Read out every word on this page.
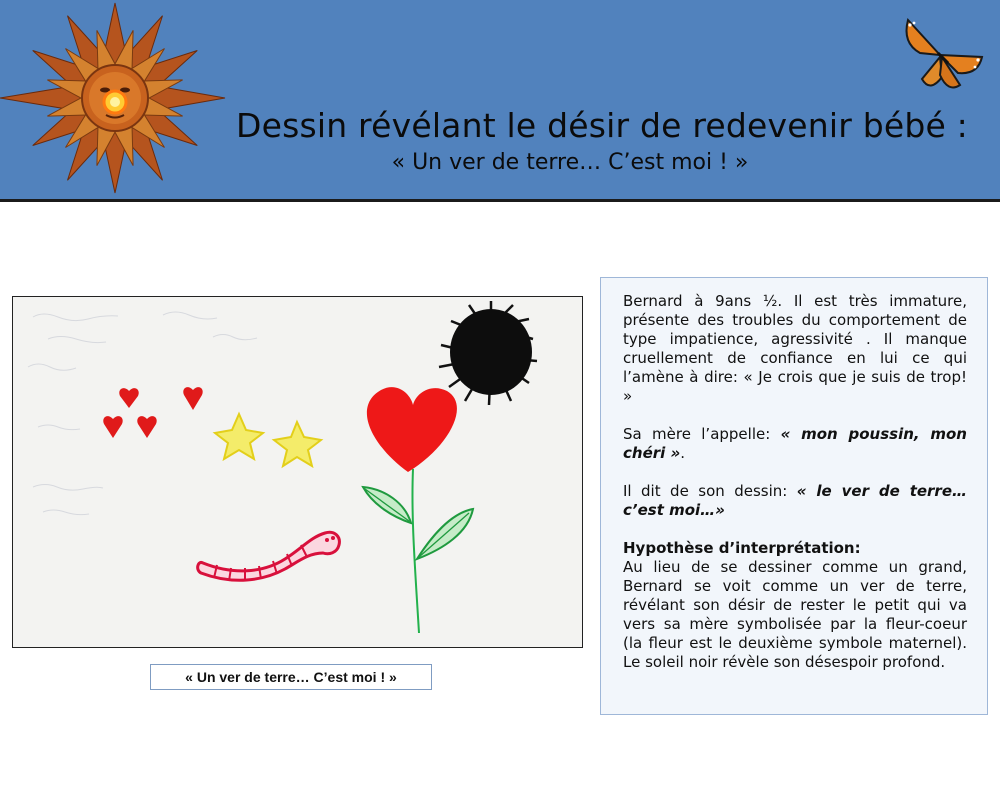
Dessin révélant le désir de redevenir bébé :

« Un ver de terre… C’est moi ! »

« Un ver de terre… C’est moi ! »

Bernard à 9ans ½. Il est très immature, présente des troubles du comportement de type impatience, agressivité . Il manque cruellement de confiance en lui ce qui l’amène à dire: « Je crois que je suis de trop! »

Sa mère l’appelle: « mon poussin, mon chéri ».

Il dit de son dessin: « le ver de terre… c’est moi…»

Hypothèse d’interprétation:

Au lieu de se dessiner comme un grand, Bernard se voit comme un ver de terre, révélant son désir de rester le petit qui va vers sa mère symbolisée par la fleur-coeur (la fleur est le deuxième symbole maternel). Le soleil noir révèle son désespoir profond.
